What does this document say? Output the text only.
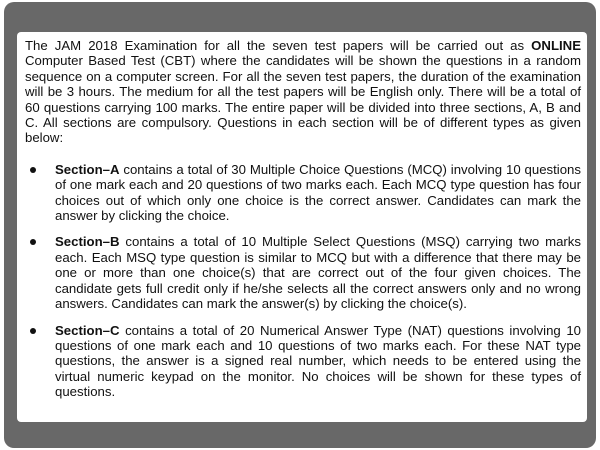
The JAM 2018 Examination for all the seven test papers will be carried out as ONLINE Computer Based Test (CBT) where the candidates will be shown the questions in a random sequence on a computer screen. For all the seven test papers, the duration of the examination will be 3 hours. The medium for all the test papers will be English only. There will be a total of 60 questions carrying 100 marks. The entire paper will be divided into three sections, A, B and C. All sections are compulsory. Questions in each section will be of different types as given below:

Section–A contains a total of 30 Multiple Choice Questions (MCQ) involving 10 questions of one mark each and 20 questions of two marks each. Each MCQ type question has four choices out of which only one choice is the correct answer. Candidates can mark the answer by clicking the choice.
Section–B contains a total of 10 Multiple Select Questions (MSQ) carrying two marks each. Each MSQ type question is similar to MCQ but with a difference that there may be one or more than one choice(s) that are correct out of the four given choices. The candidate gets full credit only if he/she selects all the correct answers only and no wrong answers. Candidates can mark the answer(s) by clicking the choice(s).
Section–C contains a total of 20 Numerical Answer Type (NAT) questions involving 10 questions of one mark each and 10 questions of two marks each. For these NAT type questions, the answer is a signed real number, which needs to be entered using the virtual numeric keypad on the monitor. No choices will be shown for these types of questions.
